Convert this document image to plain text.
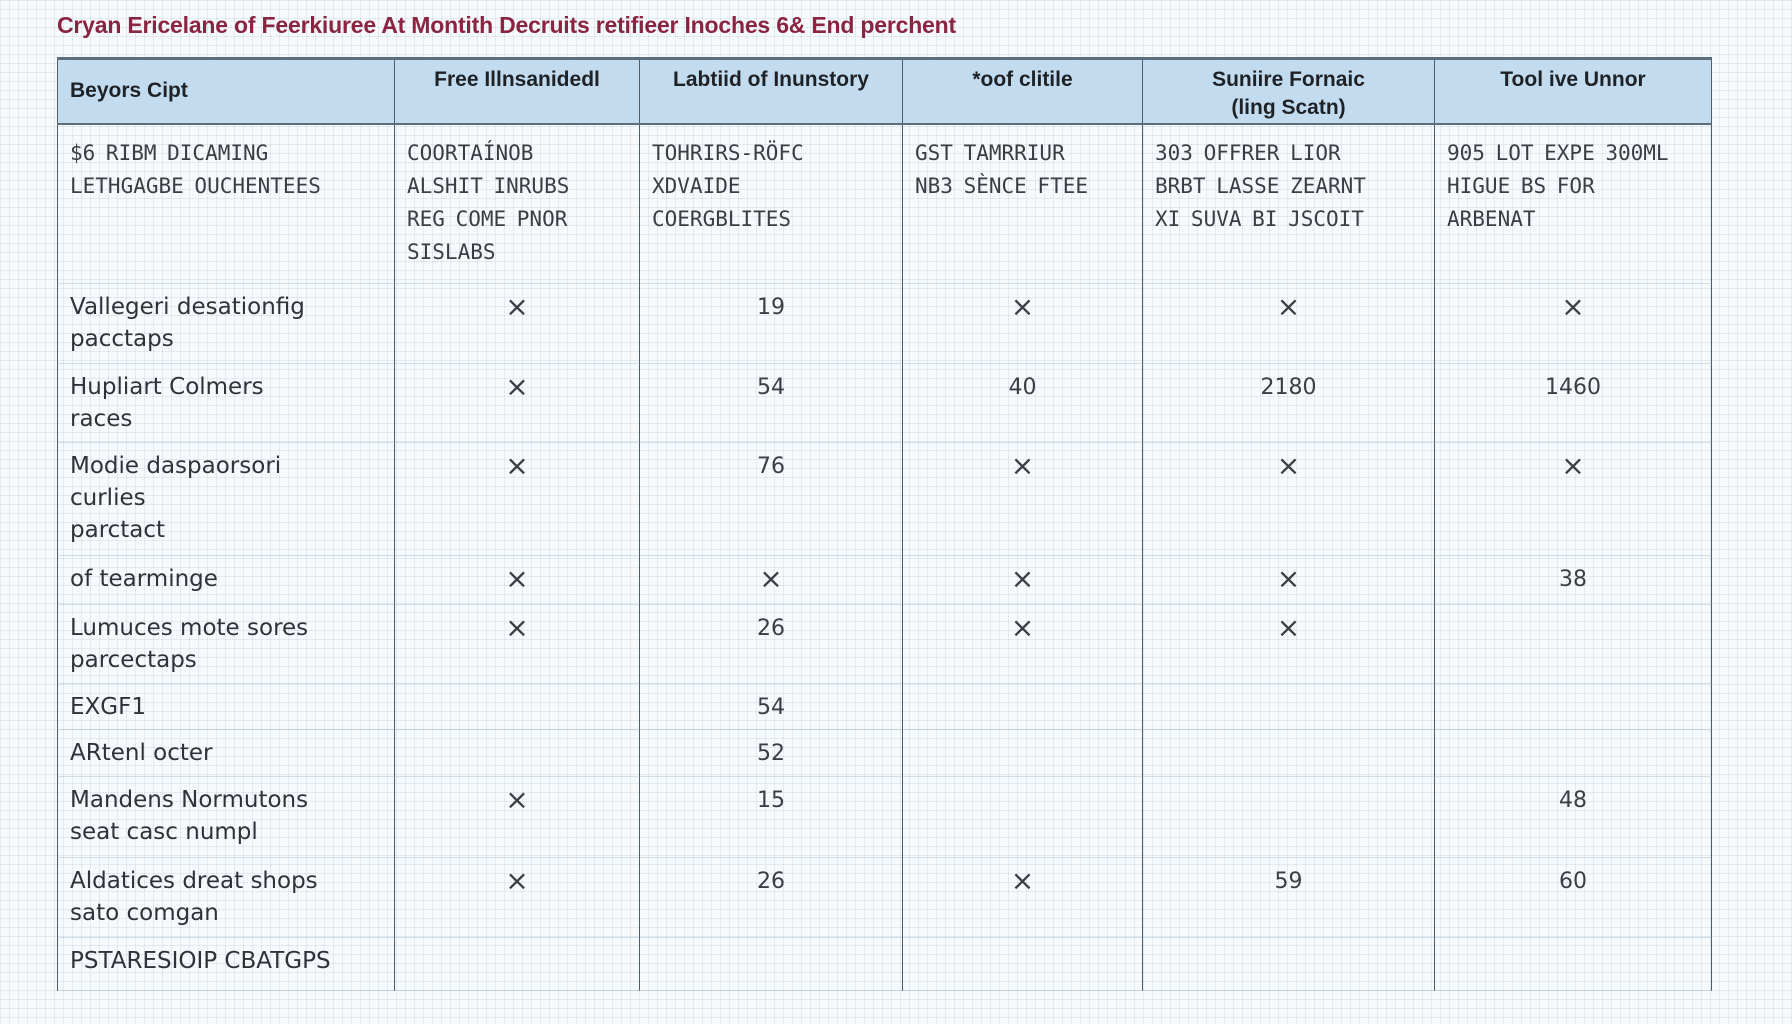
Cryan Ericelane of Feerkiuree At Montith Decruits retifieer Inoches 6& End perchent
Beyors Cipt	Free Illnsanidedl	Labtiid of Inunstory	*oof clitile	Suniire Fornaic
(ling Scatn)	Tool ive Unnor

$6 RIBM DICAMING
LETHGAGBE OUCHENTEES	COORTAÍNOB
ALSHIT INRUBS
REG COME PNOR
SISLABS	TOHRIRS-RÖFC
XDVAIDE
COERGBLITES	GST TAMRRIUR
NB3 SÈNCE FTEE	303 OFFRER LIOR
BRBT LASSE ZEARNT
XI SUVA BI JSCOIT	905 LOT EXPE 300ML
HIGUE BS FOR
ARBENAT

Vallegeri desationfig
pacctaps	×	19	×	×	×

Hupliart Colmers
races	×	54	40	2180	1460

Modie daspaorsori
curlies
parctact	×	76	×	×	×

of tearminge	×	×	×	×	38

Lumuces mote sores
parcectaps	×	26	×	×	

EXGF1		54			

ARtenl octer		52			

Mandens Normutons
seat casc numpl	×	15			48

Aldatices dreat shops
sato comgan	×	26	×	59	60

PSTARESIOIP CBATGPS					
